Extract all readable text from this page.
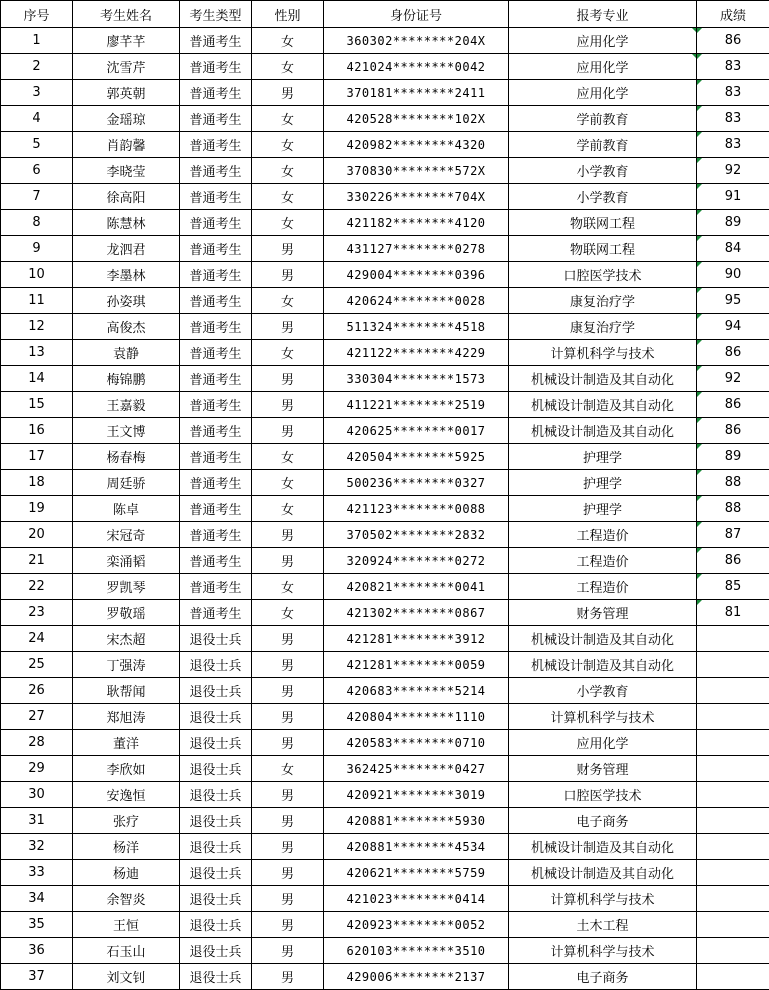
序号	考生姓名	考生类型	性别	身份证号	报考专业	成绩
1	廖芊芊	普通考生	女	360302********204X	应用化学	86
2	沈雪芹	普通考生	女	421024********0042	应用化学	83
3	郭英朝	普通考生	男	370181********2411	应用化学	83
4	金瑶琼	普通考生	女	420528********102X	学前教育	83
5	肖韵馨	普通考生	女	420982********4320	学前教育	83
6	李晓莹	普通考生	女	370830********572X	小学教育	92
7	徐高阳	普通考生	女	330226********704X	小学教育	91
8	陈慧林	普通考生	女	421182********4120	物联网工程	89
9	龙泗君	普通考生	男	431127********0278	物联网工程	84
10	李墨林	普通考生	男	429004********0396	口腔医学技术	90
11	孙姿琪	普通考生	女	420624********0028	康复治疗学	95
12	高俊杰	普通考生	男	511324********4518	康复治疗学	94
13	袁静	普通考生	女	421122********4229	计算机科学与技术	86
14	梅锦鹏	普通考生	男	330304********1573	机械设计制造及其自动化	92
15	王嘉毅	普通考生	男	411221********2519	机械设计制造及其自动化	86
16	王文博	普通考生	男	420625********0017	机械设计制造及其自动化	86
17	杨春梅	普通考生	女	420504********5925	护理学	89
18	周廷骄	普通考生	女	500236********0327	护理学	88
19	陈卓	普通考生	女	421123********0088	护理学	88
20	宋冠奇	普通考生	男	370502********2832	工程造价	87
21	栾涌韬	普通考生	男	320924********0272	工程造价	86
22	罗凯琴	普通考生	女	420821********0041	工程造价	85
23	罗敬瑶	普通考生	女	421302********0867	财务管理	81
24	宋杰超	退役士兵	男	421281********3912	机械设计制造及其自动化	
25	丁强涛	退役士兵	男	421281********0059	机械设计制造及其自动化	
26	耿帮闻	退役士兵	男	420683********5214	小学教育	
27	郑旭涛	退役士兵	男	420804********1110	计算机科学与技术	
28	董洋	退役士兵	男	420583********0710	应用化学	
29	李欣如	退役士兵	女	362425********0427	财务管理	
30	安逸恒	退役士兵	男	420921********3019	口腔医学技术	
31	张疗	退役士兵	男	420881********5930	电子商务	
32	杨洋	退役士兵	男	420881********4534	机械设计制造及其自动化	
33	杨迪	退役士兵	男	420621********5759	机械设计制造及其自动化	
34	余智炎	退役士兵	男	421023********0414	计算机科学与技术	
35	王恒	退役士兵	男	420923********0052	土木工程	
36	石玉山	退役士兵	男	620103********3510	计算机科学与技术	
37	刘文钊	退役士兵	男	429006********2137	电子商务	
